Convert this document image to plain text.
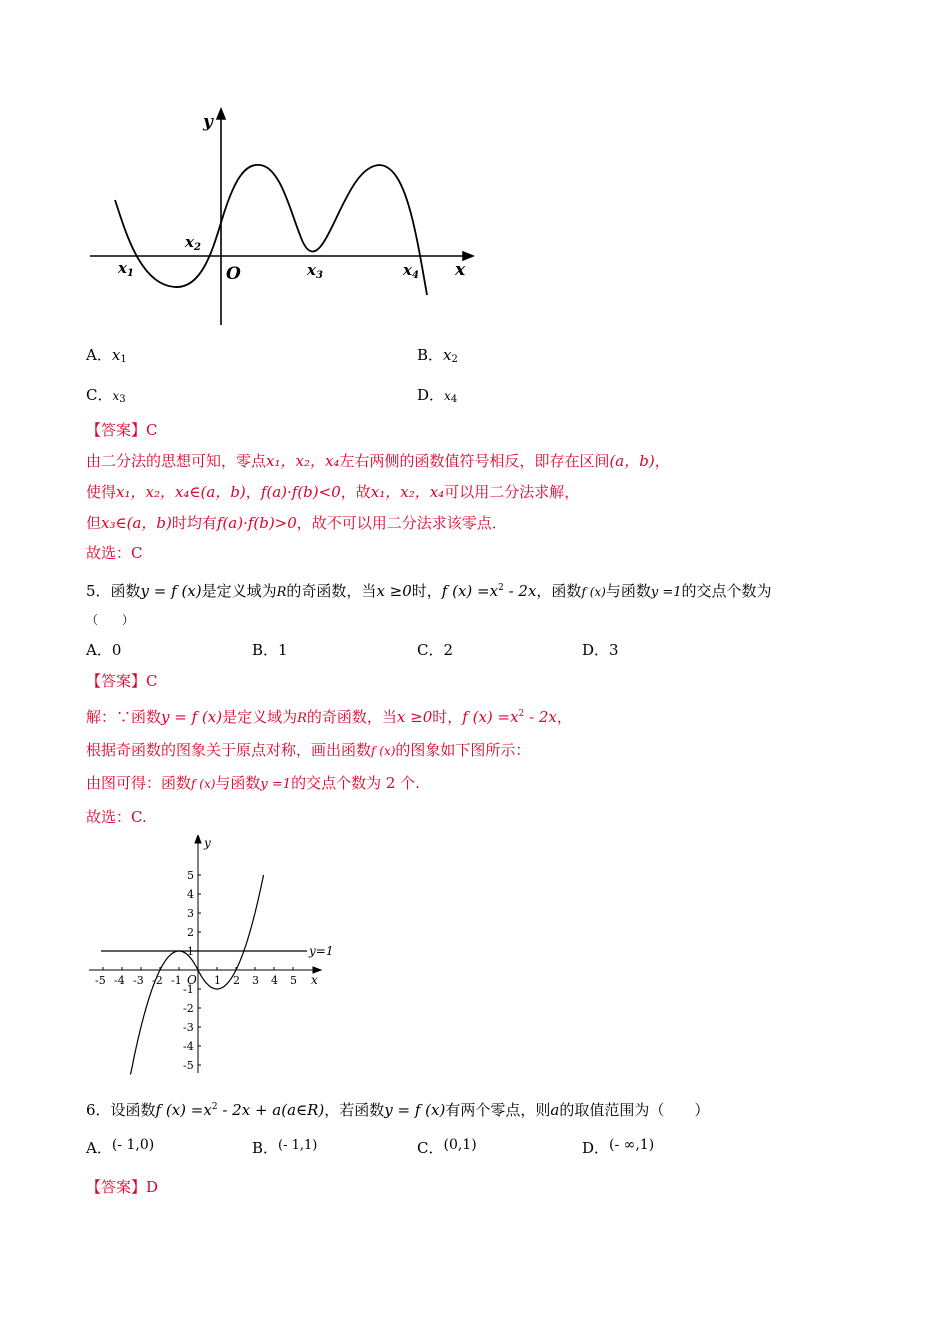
y
x
O
$x_1$
$x_2$
$x_3$	$x_4$
A．x1	B．x2
C．x3	D．x4
【答案】C
由二分法的思想可知，零点x₁，x₂，x₄左右两侧的函数值符号相反，即存在区间(a，b)，
使得x₁，x₂，x₄∈(a，b)，f(a)·f(b)<0，故x₁，x₂，x₄可以用二分法求解，
但x₃∈(a，b)时均有f(a)·f(b)>0，故不可以用二分法求该零点．
故选：C
5．函数y = f (x)是定义域为R的奇函数，当x ≥0时，f $(x) =x^2 - 2x$，函数f (x)与函数y =1的交点个数为
（　　）
A．0	B．1	C．2	D．3
【答案】C
解：∵函数y = f (x)是定义域为R的奇函数，当x ≥0时，f $(x) =x^2 - 2x$，
根据奇函数的图象关于原点对称，画出函数f (x)的图象如下图所示：
由图可得：函数f (x)与函数y =1的交点个数为 2 个.
故选：C.
-5 -4 -3 -2 -1	1 2 3 4 5
5
4
3
2
1
-1
-2
-3
-4
-5
O	x
y
y=1
6．设函数f $(x) =x^2 - 2x$ + a(a∈R)，若函数y = f (x)有两个零点，则a的取值范围为（　　）
A．(- 1,0)	B．(- 1,1)	C．(0,1)	D．(- ∞,1)
【答案】D
